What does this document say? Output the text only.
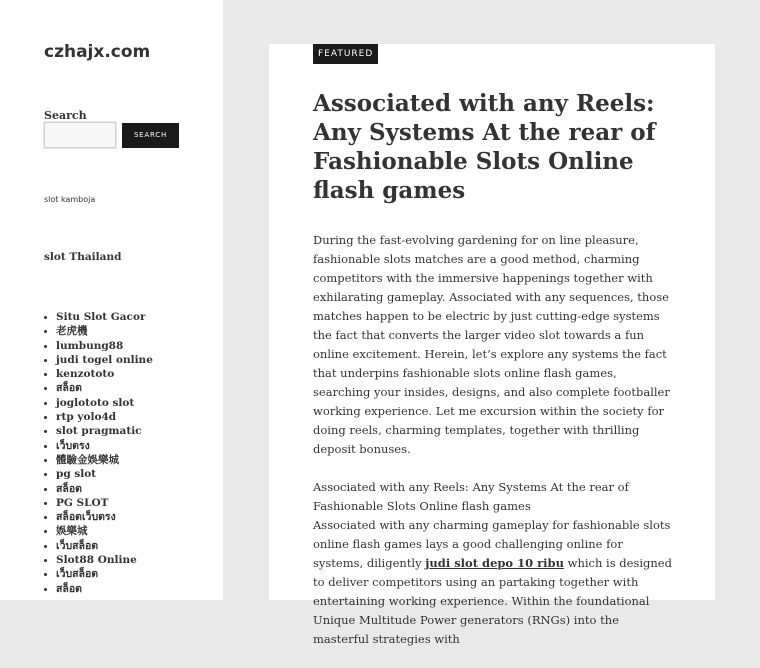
czhajx.com
Search
SEARCH
slot kamboja
slot Thailand
• Situ Slot Gacor
• 老虎機
• lumbung88
• judi togel online
• kenzototo
• สล็อต
• joglototo slot
• rtp yolo4d
• slot pragmatic
• เว็บตรง
• 體驗金娛樂城
• pg slot
• สล็อต
• PG SLOT
• สล็อตเว็บตรง
• 娛樂城
• เว็บสล็อต
• Slot88 Online
• เว็บสล็อต
• สล็อต
FEATURED
Associated with any Reels: Any Systems At the rear of Fashionable Slots Online flash games

During the fast-evolving gardening for on line pleasure, fashionable slots matches are a good method, charming competitors with the immersive happenings together with exhilarating gameplay. Associated with any sequences, those matches happen to be electric by just cutting-edge systems the fact that converts the larger video slot towards a fun online excitement. Herein, let’s explore any systems the fact that underpins fashionable slots online flash games, searching your insides, designs, and also complete footballer working experience. Let me excursion within the society for doing reels, charming templates, together with thrilling deposit bonuses.

Associated with any Reels: Any Systems At the rear of Fashionable Slots Online flash games
Associated with any charming gameplay for fashionable slots online flash games lays a good challenging online for systems, diligently judi slot depo 10 ribu which is designed to deliver competitors using an partaking together with entertaining working experience. Within the foundational Unique Multitude Power generators (RNGs) into the masterful strategies with
